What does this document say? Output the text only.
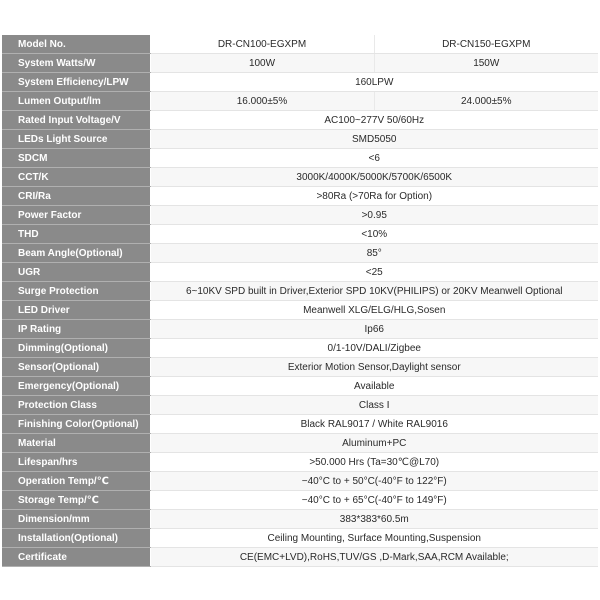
Model No.	DR-CN100-EGXPM	DR-CN150-EGXPM
System Watts/W	100W	150W
System Efficiency/LPW	160LPW	
Lumen Output/lm	16.000±5%	24.000±5%
Rated Input Voltage/V	AC100~277V 50/60Hz	
LEDs Light Source	SMD5050	
SDCM	<6	
CCT/K	3000K/4000K/5000K/5700K/6500K	
CRI/Ra	>80Ra (>70Ra for Option)	
Power Factor	>0.95	
THD	<10%	
Beam Angle(Optional)	85°	
UGR	<25	
Surge Protection	6~10KV SPD built in Driver,Exterior SPD 10KV(PHILIPS) or 20KV Meanwell Optional	
LED Driver	Meanwell XLG/ELG/HLG,Sosen	
IP Rating	Ip66	
Dimming(Optional)	0/1-10V/DALI/Zigbee	
Sensor(Optional)	Exterior Motion Sensor,Daylight sensor	
Emergency(Optional)	Available	
Protection Class	Class Ⅰ	
Finishing Color(Optional)	Black RAL9017 / White RAL9016	
Material	Aluminum+PC	
Lifespan/hrs	>50.000 Hrs (Ta=30℃@L70)	
Operation Temp/℃	−40°C to + 50°C(-40°F to 122°F)	
Storage Temp/℃	−40°C to + 65°C(-40°F to 149°F)	
Dimension/mm	383*383*60.5m	
Installation(Optional)	Ceiling Mounting, Surface Mounting,Suspension	
Certificate	CE(EMC+LVD),RoHS,TUV/GS ,D-Mark,SAA,RCM Available;	
